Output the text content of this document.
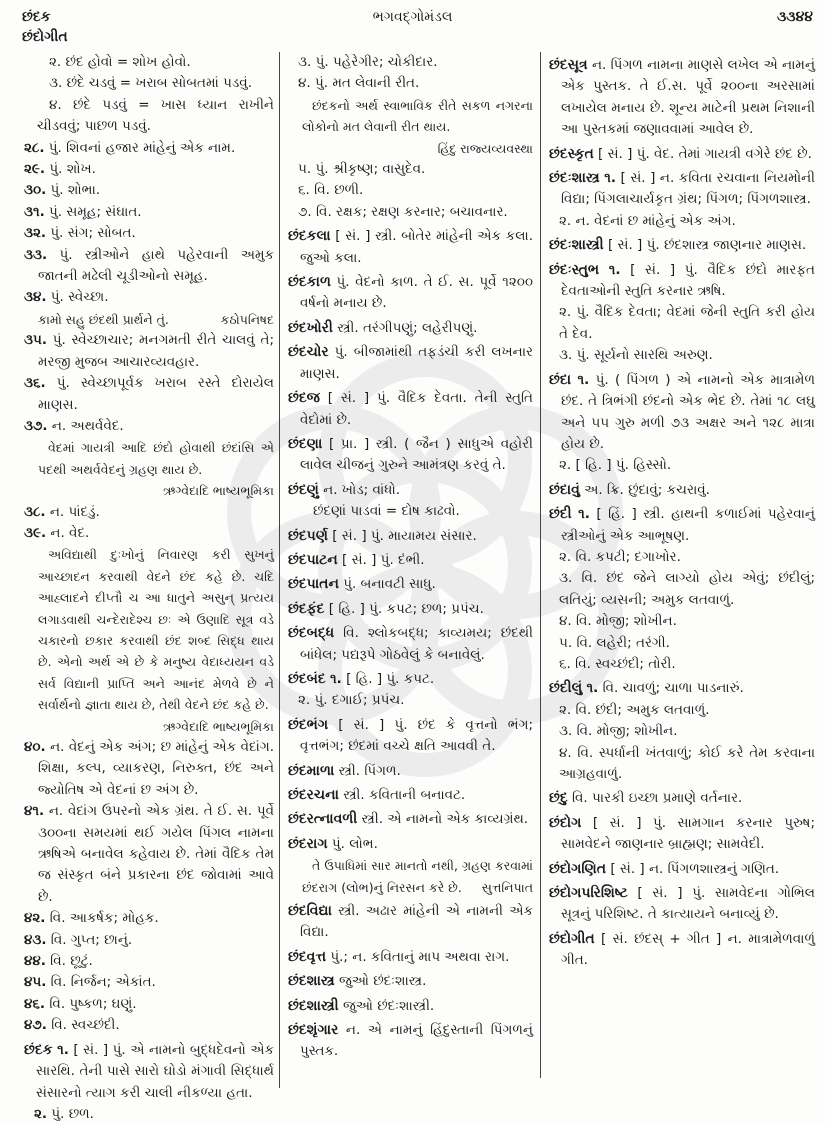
છંદક
છંદોગીત
ભગવદ્ગોમંડલ	૩૩૪૪

૨. છંદ હોવો = શોખ હોવો.

૩. છંદે ચડવું = ખરાબ સોબતમાં પડવું.

૪. છંદે પડવું = ખાસ ધ્યાન રાખીને ચીડવવું; પાછળ પડવું.

૨૮. પું. શિવનાં હજાર માંહેનું એક નામ.

૨૯. પું. શોખ.

૩૦. પું. શોભા.

૩૧. પું. સમૂહ; સંઘાત.

૩૨. પું. સંગ; સોબત.

૩૩. પું. સ્ત્રીઓને હાથે પહેરવાની અમુક જાતની મઢેલી ચૂડીઓનો સમૂહ.

૩૪. પું. સ્વેચ્છા.

કામો સહુ છંદથી પ્રાર્થને તું.	કઠોપનિષદ

૩૫. પું. સ્વેચ્છાચાર; મનગમતી રીતે ચાલવું તે; મરજી મુજબ આચારવ્યવહાર.

૩૬. પું. સ્વેચ્છાપૂર્વક ખરાબ રસ્તે દોરાયેલ માણસ.

૩૭. ન. અથર્વવેદ.

વેદમાં ગાયત્રી આદિ છંદો હોવાથી છંદાંસિ એ પદથી અથર્વવેદનું ગ્રહણ થાય છે.

ઋગ્વેદાદિ ભાષ્યભૂમિકા

૩૮. ન. પાંદડું.

૩૯. ન. વેદ.

અવિદ્યાથી દુઃખોનું નિવારણ કરી સુખનું આચ્છાદન કરવાથી વેદને છંદ કહે છે. ચદિ આહ્લાદને દીપ્તૌ ચ આ ધાતુને અસુન્ પ્રત્યય લગાડવાથી ચન્દેરાદેશ્ચ છઃ એ ઉણાદિ સૂત્ર વડે ચકારનો છકાર કરવાથી છંદ શબ્દ સિદ્ધ થાય છે. એનો અર્થ એ છે કે મનુષ્ય વેદાધ્યયન વડે સર્વ વિદ્યાની પ્રાપ્તિ અને આનંદ મેળવે છે ને સર્વાર્થનો જ્ઞાતા થાય છે, તેથી વેદને છંદ કહે છે.

ઋગ્વેદાદિ ભાષ્યભૂમિકા

૪૦. ન. વેદનું એક અંગ; છ માંહેનું એક વેદાંગ. શિક્ષા, કલ્પ, વ્યાકરણ, નિરુક્ત, છંદ અને જ્યોતિષ એ વેદનાં છ અંગ છે.

૪૧. ન. વેદાંગ ઉપરનો એક ગ્રંથ. તે ઈ. સ. પૂર્વે ૩૦૦ના સમયમાં થઈ ગયેલ પિંગલ નામના ઋષિએ બનાવેલ કહેવાય છે. તેમાં વૈદિક તેમ જ સંસ્કૃત બંને પ્રકારના છંદ જોવામાં આવે છે.

૪૨. વિ. આકર્ષક; મોહક.

૪૩. વિ. ગુપ્ત; છાનું.

૪૪. વિ. છૂટું.

૪૫. વિ. નિર્જન; એકાંત.

૪૬. વિ. પુષ્કળ; ઘણું.

૪૭. વિ. સ્વચ્છંદી.

છંદક ૧. [ સં. ] પું. એ નામનો બુદ્ધદેવનો એક સારથિ. તેની પાસે સારો ઘોડો મંગાવી સિદ્ધાર્થ સંસારનો ત્યાગ કરી ચાલી નીકળ્યા હતા.

૨. પું. છળ.

૩. પું. પહેરેગીર; ચોકીદાર.

૪. પું. મત લેવાની રીત.

છંદકનો અર્થ સ્વાભાવિક રીતે સકળ નગરના લોકોનો મત લેવાની રીત થાય.

હિંદુ રાજ્યવ્યવસ્થા

૫. પું. શ્રીકૃષ્ણ; વાસુદેવ.

૬. વિ. છળી.

૭. વિ. રક્ષક; રક્ષણ કરનાર; બચાવનાર.

છંદકલા [ સં. ] સ્ત્રી. બોતેર માંહેની એક કલા. જુઓ કલા.

છંદકાળ પું. વેદનો કાળ. તે ઈ. સ. પૂર્વે ૧૨૦૦ વર્ષનો મનાય છે.

છંદખોરી સ્ત્રી. તરંગીપણું; લહેરીપણું.

છંદચોર પું. બીજામાંથી તફડંચી કરી લખનાર માણસ.

છંદજ [ સં. ] પું. વૈદિક દેવતા. તેની સ્તુતિ વેદોમાં છે.

છંદણા [ પ્રા. ] સ્ત્રી. ( જૈન ) સાધુએ વહોરી લાવેલ ચીજનું ગુરુને આમંત્રણ કરવું તે.

છંદણું ન. ખોડ; વાંધો.

છંદણાં પાડવાં = દોષ કાઢવો.

છંદપર્ણ [ સં. ] પું. માયામય સંસાર.

છંદપાટન [ સં. ] પું. દંભી.

છંદપાતન પું. બનાવટી સાધુ.

છંદફંદ [ હિ. ] પું. કપટ; છળ; પ્રપંચ.

છંદબદ્ધ વિ. શ્લોકબદ્ધ; કાવ્યમય; છંદથી બાંધેલ; પદ્યરૂપે ગોઠવેલું કે બનાવેલું.

છંદબંદ ૧. [ હિ. ] પું. કપટ.

૨. પું. દગાઈ; પ્રપંચ.

છંદભંગ [ સં. ] પું. છંદ કે વૃત્તનો ભંગ; વૃત્તભંગ; છંદમાં વચ્ચે ક્ષતિ આવવી તે.

છંદમાળા સ્ત્રી. પિંગળ.

છંદરચના સ્ત્રી. કવિતાની બનાવટ.

છંદરત્નાવળી સ્ત્રી. એ નામનો એક કાવ્યગ્રંથ.

છંદરાગ પું. લોભ.

તે ઉપાધિમાં સાર માનતો નથી, ગ્રહણ કરવામાં છંદરાગ (લોભ)નું નિરસન કરે છે.	સુત્તનિપાત

છંદવિદ્યા સ્ત્રી. અઢાર માંહેની એ નામની એક વિદ્યા.

છંદવૃત્ત પું.; ન. કવિતાનું માપ અથવા રાગ.

છંદશાસ્ત્ર જુઓ છંદઃશાસ્ત્ર.

છંદશાસ્ત્રી જુઓ છંદઃશાસ્ત્રી.

છંદશૃંગાર ન. એ નામનું હિંદુસ્તાની પિંગળનું પુસ્તક.

છંદસૂત્ર ન. પિંગળ નામના માણસે લખેલ એ નામનું એક પુસ્તક. તે ઈ.સ. પૂર્વે ૨૦૦ના અરસામાં લખાયેલ મનાય છે. શૂન્ય માટેની પ્રથમ નિશાની આ પુસ્તકમાં જણાવવામાં આવેલ છે.

છંદસ્કૃત [ સં. ] પું. વેદ. તેમાં ગાયત્રી વગેરે છંદ છે.

છંદઃશાસ્ત્ર ૧. [ સં. ] ન. કવિતા રચવાના નિયમોની વિદ્યા; પિંગલાચાર્યકૃત ગ્રંથ; પિંગળ; પિંગળશાસ્ત્ર.

૨. ન. વેદનાં છ માંહેનું એક અંગ.

છંદઃશાસ્ત્રી [ સં. ] પું. છંદશાસ્ત્ર જાણનાર માણસ.

છંદઃસ્તુભ ૧. [ સં. ] પું. વૈદિક છંદો મારફત દેવતાઓની સ્તુતિ કરનાર ઋષિ.

૨. પું. વૈદિક દેવતા; વેદમાં જેની સ્તુતિ કરી હોય તે દેવ.

૩. પું. સૂર્યનો સારથિ અરુણ.

છંદા ૧. પું. ( પિંગળ ) એ નામનો એક માત્રામેળ છંદ. તે ત્રિભંગી છંદનો એક ભેદ છે. તેમાં ૧૮ લઘુ અને ૫૫ ગુરુ મળી ૭૩ અક્ષર અને ૧૨૮ માત્રા હોય છે.

૨. [ હિ. ] પું. હિસ્સો.

છંદાવું અ. ક્રિ. છુંદાવું; કચરાવું.

છંદી ૧. [ હિં. ] સ્ત્રી. હાથની કળાઈમાં પહેરવાનું સ્ત્રીઓનું એક આભૂષણ.

૨. વિ. કપટી; દગાખોર.

૩. વિ. છંદ જેને લાગ્યો હોય એવું; છંદીલું; લતિયું; વ્યસની; અમુક લતવાળું.

૪. વિ. મોજી; શોખીન.

૫. વિ. લહેરી; તરંગી.

૬. વિ. સ્વચ્છંદી; તોરી.

છંદીલું ૧. વિ. ચાવળું; ચાળા પાડનારું.

૨. વિ. છંદી; અમુક લતવાળું.

૩. વિ. મોજી; શોખીન.

૪. વિ. સ્પર્ધાની ખંતવાળું; કોઈ કરે તેમ કરવાના આગ્રહવાળું.

છંદુ વિ. પારકી ઇચ્છા પ્રમાણે વર્તનાર.

છંદોગ [ સં. ] પું. સામગાન કરનાર પુરુષ; સામવેદને જાણનાર બ્રાહ્મણ; સામવેદી.

છંદોગણિત [ સં. ] ન. પિંગળશાસ્ત્રનું ગણિત.

છંદોગપરિશિષ્ટ [ સં. ] પું. સામવેદના ગોભિલ સૂત્રનું પરિશિષ્ટ. તે કાત્યાયને બનાવ્યું છે.

છંદોગીત [ સં. છંદસ્ + ગીત ] ન. માત્રામેળવાળું ગીત.
